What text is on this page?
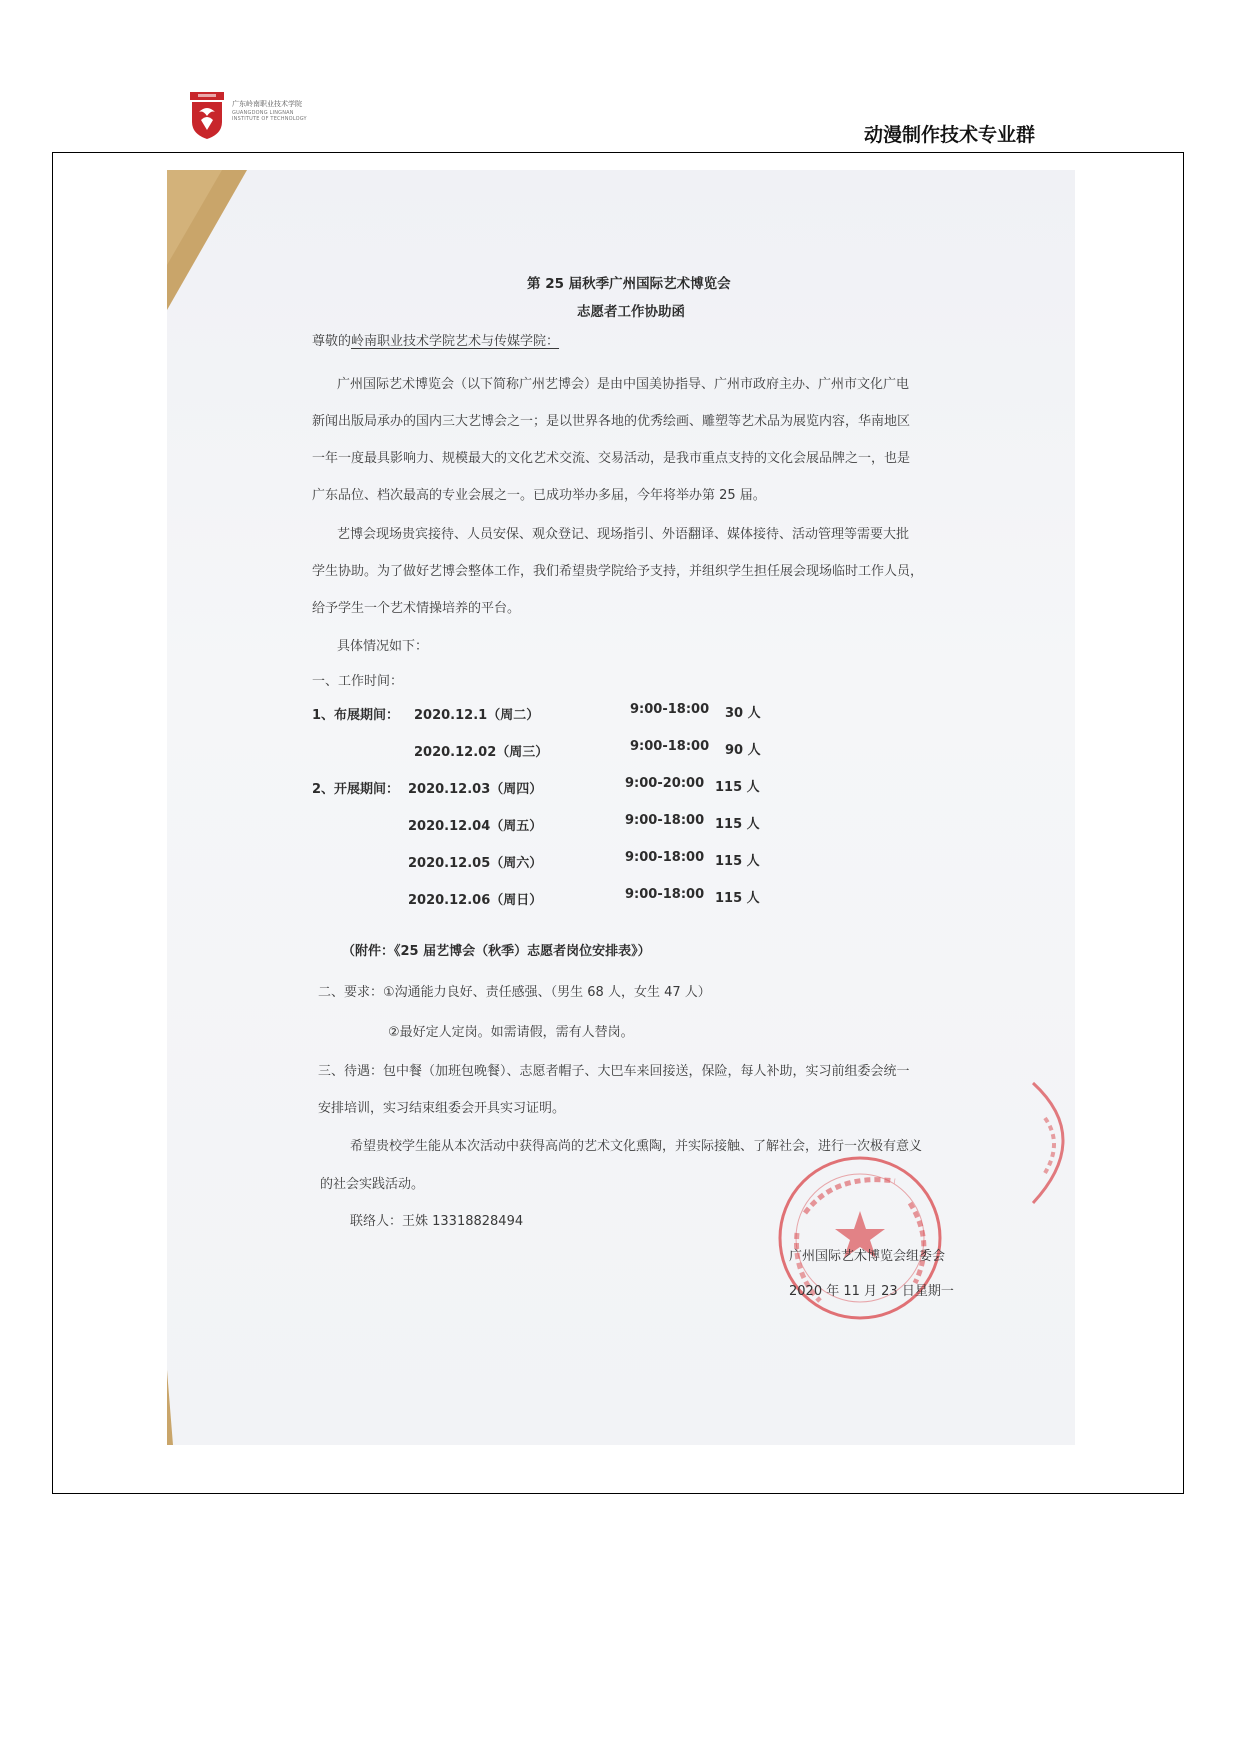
广东岭南职业技术学院
GUANGDONG LINGNAN
INSTITUTE OF TECHNOLOGY
动漫制作技术专业群
第 25 届秋季广州国际艺术博览会
志愿者工作协助函
尊敬的岭南职业技术学院艺术与传媒学院：
广州国际艺术博览会（以下简称广州艺博会）是由中国美协指导、广州市政府主办、广州市文化广电
新闻出版局承办的国内三大艺博会之一；是以世界各地的优秀绘画、雕塑等艺术品为展览内容，华南地区
一年一度最具影响力、规模最大的文化艺术交流、交易活动，是我市重点支持的文化会展品牌之一，也是
广东品位、档次最高的专业会展之一。已成功举办多届，今年将举办第 25 届。
艺博会现场贵宾接待、人员安保、观众登记、现场指引、外语翻译、媒体接待、活动管理等需要大批
学生协助。为了做好艺博会整体工作，我们希望贵学院给予支持，并组织学生担任展会现场临时工作人员，
给予学生一个艺术情操培养的平台。
具体情况如下：
一、工作时间：
1、布展期间： 2020.12.1（周二）	9:00-18:00 30 人
2020.12.02（周三）	9:00-18:00 90 人
2、开展期间： 2020.12.03（周四）	9:00-20:00 115 人
2020.12.04（周五）	9:00-18:00 115 人
2020.12.05（周六）	9:00-18:00 115 人
2020.12.06（周日）	9:00-18:00 115 人
（附件：《25 届艺博会（秋季）志愿者岗位安排表》）
二、要求：①沟通能力良好、责任感强、（男生 68 人，女生 47 人）
②最好定人定岗。如需请假，需有人替岗。
三、待遇：包中餐（加班包晚餐）、志愿者帽子、大巴车来回接送，保险，每人补助，实习前组委会统一
安排培训，实习结束组委会开具实习证明。
希望贵校学生能从本次活动中获得高尚的艺术文化熏陶，并实际接触、了解社会，进行一次极有意义
的社会实践活动。
联络人：王姝 13318828494
广州国际艺术博览会组委会
2020 年 11 月 23 日星期一
